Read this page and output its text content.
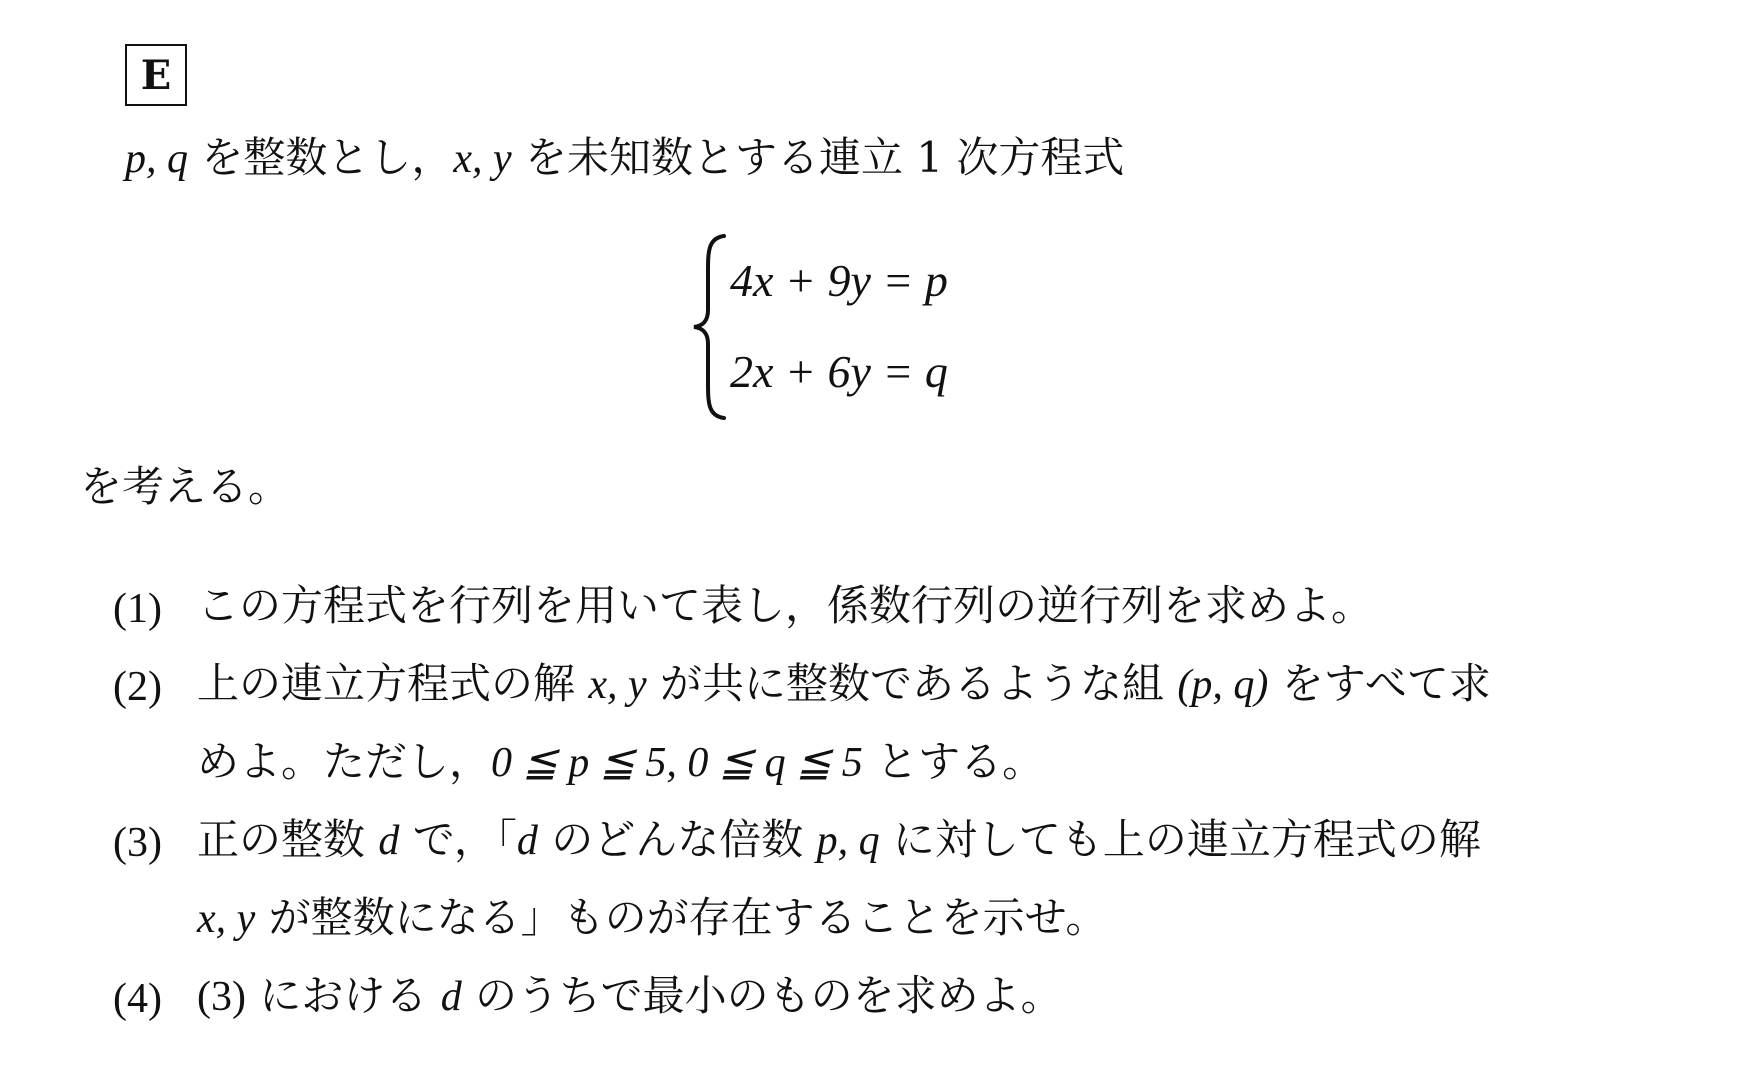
E
p, q を整数とし，x, y を未知数とする連立 1 次方程式
4x + 9y = p
2x + 6y = q
を考える。
(1) この方程式を行列を用いて表し，係数行列の逆行列を求めよ。
(2) 上の連立方程式の解 x, y が共に整数であるような組 (p, q) をすべて求
めよ。ただし，0 ≦ p ≦ 5, 0 ≦ q ≦ 5 とする。
(3) 正の整数 d で，「d のどんな倍数 p, q に対しても上の連立方程式の解
x, y が整数になる」ものが存在することを示せ。
(4) (3) における d のうちで最小のものを求めよ。
